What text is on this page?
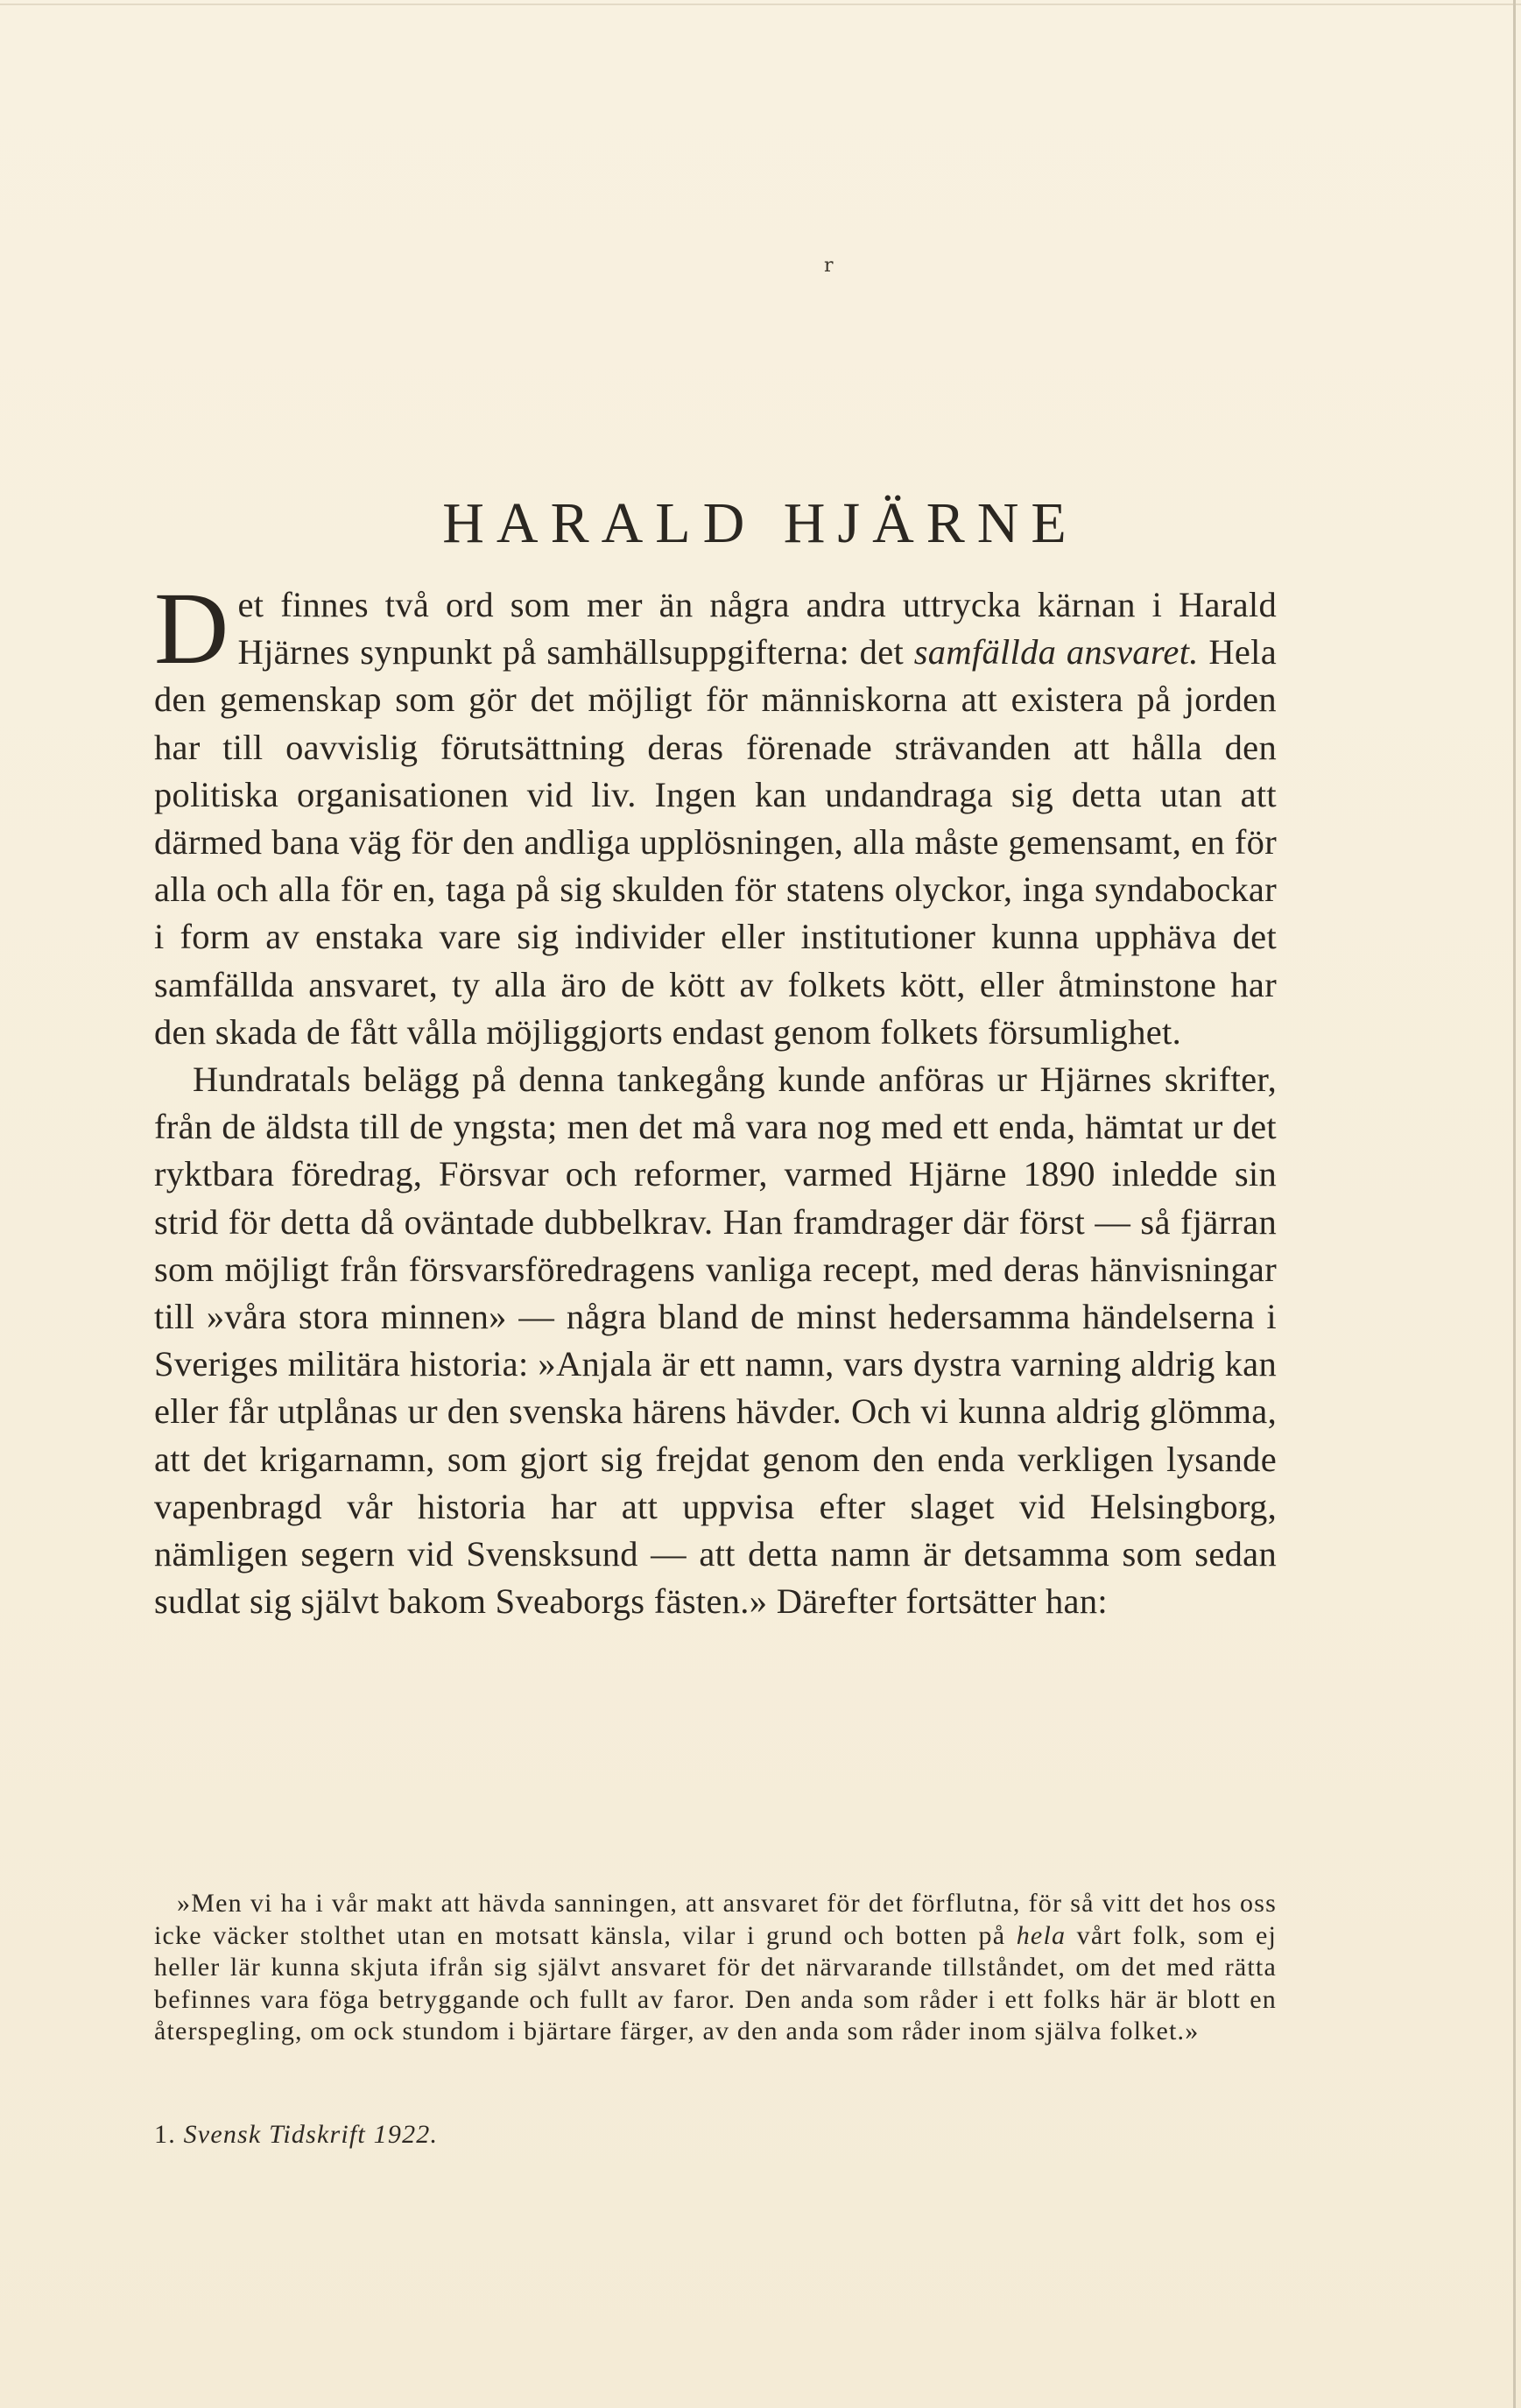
r
HARALD HJÄRNE

Det finnes två ord som mer än några andra uttrycka kärnan i Harald Hjärnes synpunkt på samhällsuppgifterna: det samfällda ansvaret. Hela den gemenskap som gör det möjligt för människorna att existera på jorden har till oavvislig förutsättning deras förenade strävanden att hålla den politiska organisationen vid liv. Ingen kan undandraga sig detta utan att därmed bana väg för den andliga upplösningen, alla måste gemensamt, en för alla och alla för en, taga på sig skulden för statens olyckor, inga syndabockar i form av enstaka vare sig individer eller institutioner kunna upphäva det samfällda ansvaret, ty alla äro de kött av folkets kött, eller åtminstone har den skada de fått vålla möjliggjorts endast genom folkets försumlighet.

Hundratals belägg på denna tankegång kunde anföras ur Hjärnes skrifter, från de äldsta till de yngsta; men det må vara nog med ett enda, hämtat ur det ryktbara föredrag, Försvar och reformer, varmed Hjärne 1890 inledde sin strid för detta då oväntade dubbelkrav. Han framdrager där först — så fjärran som möjligt från försvarsföredragens vanliga recept, med deras hänvisningar till »våra stora minnen» — några bland de minst hedersamma händelserna i Sveriges militära historia: »Anjala är ett namn, vars dystra varning aldrig kan eller får utplånas ur den svenska härens hävder. Och vi kunna aldrig glömma, att det krigarnamn, som gjort sig frejdat genom den enda verkligen lysande vapenbragd vår historia har att uppvisa efter slaget vid Helsingborg, nämligen segern vid Svensksund — att detta namn är detsamma som sedan sudlat sig självt bakom Sveaborgs fästen.» Därefter fortsätter han:

»Men vi ha i vår makt att hävda sanningen, att ansvaret för det förflutna, för så vitt det hos oss icke väcker stolthet utan en motsatt känsla, vilar i grund och botten på hela vårt folk, som ej heller lär kunna skjuta ifrån sig självt ansvaret för det närvarande tillståndet, om det med rätta befinnes vara föga betryggande och fullt av faror. Den anda som råder i ett folks här är blott en återspegling, om ock stundom i bjärtare färger, av den anda som råder inom själva folket.»

1. Svensk Tidskrift 1922.
